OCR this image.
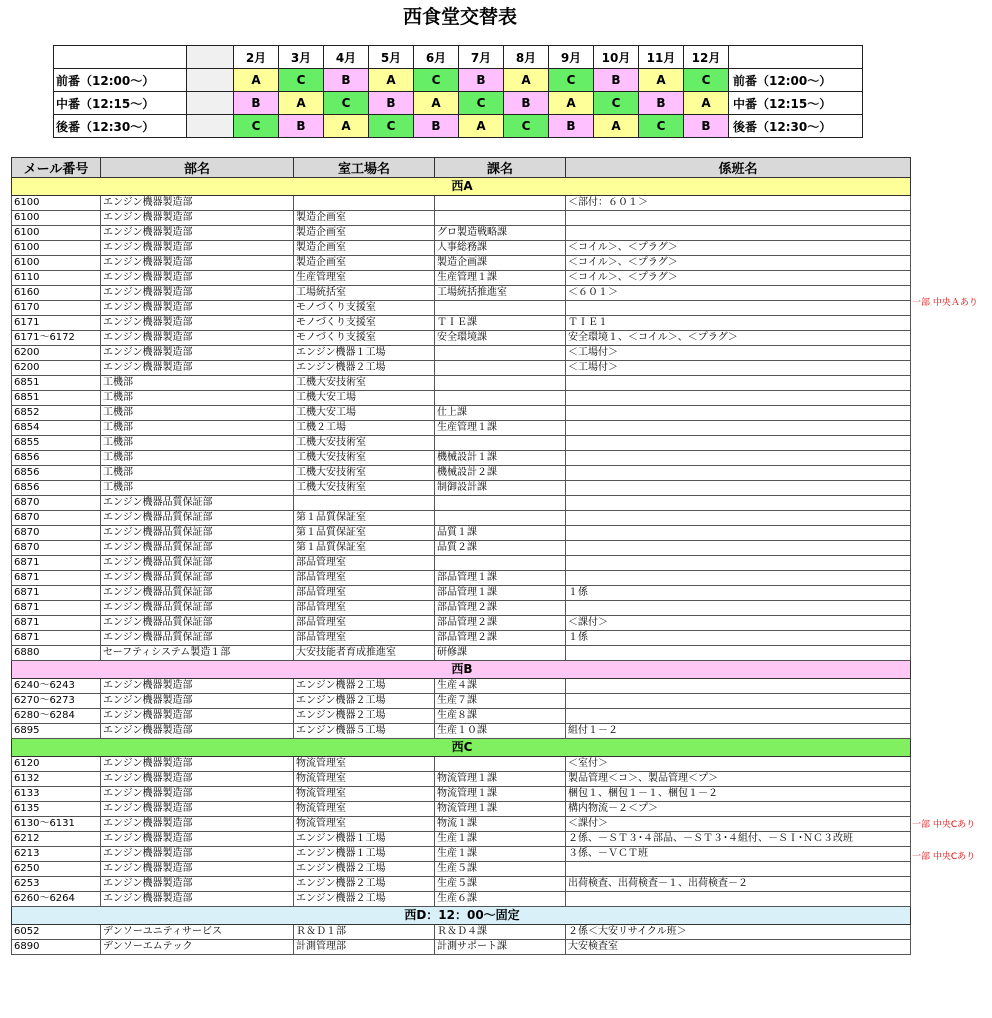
西食堂交替表
		2月	3月	4月	5月	6月	7月	8月	9月	10月	11月	12月	
前番（12:00～）		A	C	B	A	C	B	A	C	B	A	C	前番（12:00～）
中番（12:15～）		B	A	C	B	A	C	B	A	C	B	A	中番（12:15～）
後番（12:30～）		C	B	A	C	B	A	C	B	A	C	B	後番（12:30～）
メール番号	部名	室工場名	課名	係班名
西A				
6100	エンジン機器製造部			＜部付：６０１＞
6100	エンジン機器製造部	製造企画室		
6100	エンジン機器製造部	製造企画室	グロ製造戦略課	
6100	エンジン機器製造部	製造企画室	人事総務課	＜コイル＞、＜プラグ＞
6100	エンジン機器製造部	製造企画室	製造企画課	＜コイル＞、＜プラグ＞
6110	エンジン機器製造部	生産管理室	生産管理１課	＜コイル＞、＜プラグ＞
6160	エンジン機器製造部	工場統括室	工場統括推進室	＜６０１＞
6170	エンジン機器製造部	モノづくり支援室		
6171	エンジン機器製造部	モノづくり支援室	ＴＩＥ課	ＴＩＥ１
6171～6172	エンジン機器製造部	モノづくり支援室	安全環境課	安全環境１、＜コイル＞、＜プラグ＞
6200	エンジン機器製造部	エンジン機器１工場		＜工場付＞
6200	エンジン機器製造部	エンジン機器２工場		＜工場付＞
6851	工機部	工機大安技術室		
6851	工機部	工機大安工場		
6852	工機部	工機大安工場	仕上課	
6854	工機部	工機２工場	生産管理１課	
6855	工機部	工機大安技術室		
6856	工機部	工機大安技術室	機械設計１課	
6856	工機部	工機大安技術室	機械設計２課	
6856	工機部	工機大安技術室	制御設計課	
6870	エンジン機器品質保証部			
6870	エンジン機器品質保証部	第１品質保証室		
6870	エンジン機器品質保証部	第１品質保証室	品質１課	
6870	エンジン機器品質保証部	第１品質保証室	品質２課	
6871	エンジン機器品質保証部	部品管理室		
6871	エンジン機器品質保証部	部品管理室	部品管理１課	
6871	エンジン機器品質保証部	部品管理室	部品管理１課	１係
6871	エンジン機器品質保証部	部品管理室	部品管理２課	
6871	エンジン機器品質保証部	部品管理室	部品管理２課	＜課付＞
6871	エンジン機器品質保証部	部品管理室	部品管理２課	１係
6880	セーフティシステム製造１部	大安技能者育成推進室	研修課	
西B				
6240～6243	エンジン機器製造部	エンジン機器２工場	生産４課	
6270～6273	エンジン機器製造部	エンジン機器２工場	生産７課	
6280～6284	エンジン機器製造部	エンジン機器２工場	生産８課	
6895	エンジン機器製造部	エンジン機器５工場	生産１０課	組付１－２
西C				
6120	エンジン機器製造部	物流管理室		＜室付＞
6132	エンジン機器製造部	物流管理室	物流管理１課	製品管理＜コ＞、製品管理＜プ＞
6133	エンジン機器製造部	物流管理室	物流管理１課	梱包１、梱包１－１、梱包１－２
6135	エンジン機器製造部	物流管理室	物流管理１課	構内物流－２＜プ＞
6130～6131	エンジン機器製造部	物流管理室	物流１課	＜課付＞
6212	エンジン機器製造部	エンジン機器１工場	生産１課	２係、－ＳＴ３･４部品、－ＳＴ３･４組付、－ＳＩ･ＮＣ３改班
6213	エンジン機器製造部	エンジン機器１工場	生産１課	３係、－ＶＣＴ班
6250	エンジン機器製造部	エンジン機器２工場	生産５課	
6253	エンジン機器製造部	エンジン機器２工場	生産５課	出荷検査、出荷検査－１、出荷検査－２
6260～6264	エンジン機器製造部	エンジン機器２工場	生産６課	
西D：12：00～固定				
6052	デンソーユニティサービス	Ｒ＆Ｄ１部	Ｒ＆Ｄ４課	２係＜大安リサイクル班＞
6890	デンソーエムテック	計測管理部	計測サポート課	大安検査室
一部 中央Ａあり
一部 中央Cあり
一部 中央Cあり
